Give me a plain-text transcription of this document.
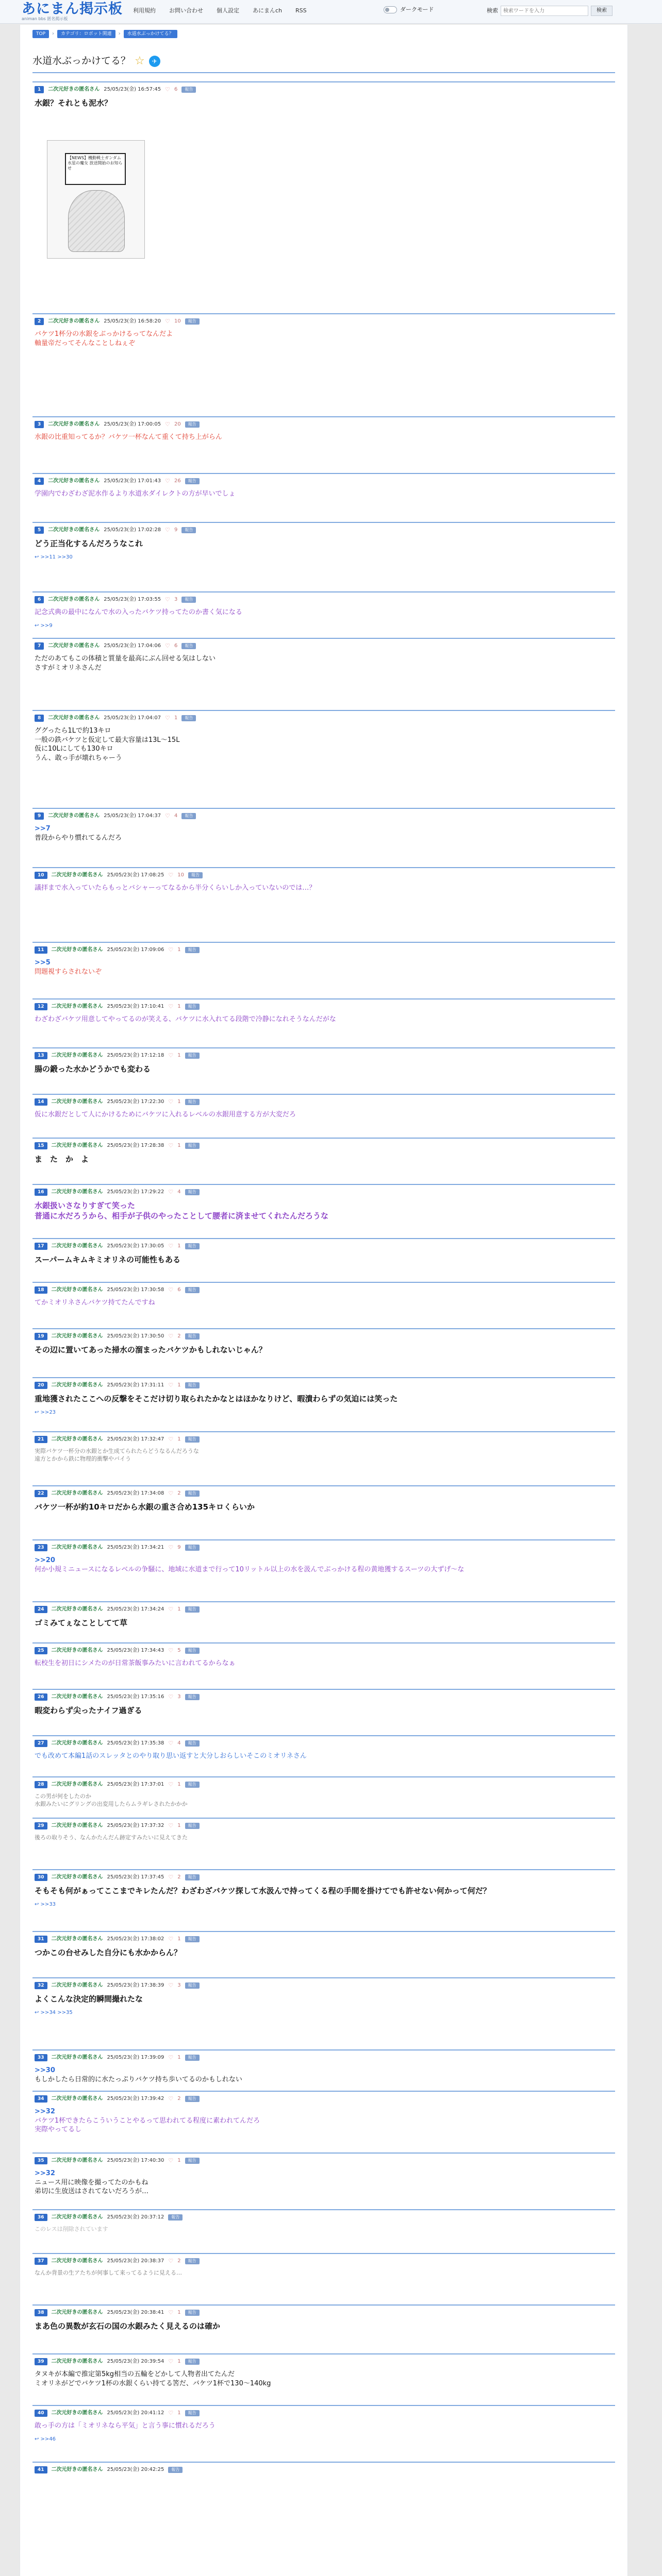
あにまん掲示板
animan bbs 匿名掲示板
利用規約 お問い合わせ 個人設定 あにまんch RSS	ダークモード	検索
検索ワードを入力	検索
TOP	›	カテゴリ：ロボット関連	›	水道水ぶっかけてる？
水道水ぶっかけてる？ ☆	✈
1	二次元好きの匿名さん 25/05/23(金) 16:57:45 ♡ 6	報告
水銀？それとも泥水？
【NEWS】機動戦士ガンダム水星の魔女 放送開始のお知らせ
2	二次元好きの匿名さん 25/05/23(金) 16:58:20 ♡ 10	報告
バケツ1杯分の水銀をぶっかけるってなんだよ
軸量帝だってそんなことしねぇぞ
3	二次元好きの匿名さん 25/05/23(金) 17:00:05 ♡ 20	報告
水銀の比重知ってるか？バケツ一杯なんて重くて持ち上がらん
4	二次元好きの匿名さん 25/05/23(金) 17:01:43 ♡ 26	報告
学園内でわざわざ泥水作るより水道水ダイレクトの方が早いでしょ
5	二次元好きの匿名さん 25/05/23(金) 17:02:28 ♡ 9	報告
どう正当化するんだろうなこれ
↩ >>11 >>30
6	二次元好きの匿名さん 25/05/23(金) 17:03:55 ♡ 3	報告
記念式典の最中になんで水の入ったバケツ持ってたのか書く気になる
↩ >>9
7	二次元好きの匿名さん 25/05/23(金) 17:04:06 ♡ 6	報告
ただのあてもこの体積と質量を最高にぶん回せる気はしない
さすがミオリネさんだ
8	二次元好きの匿名さん 25/05/23(金) 17:04:07 ♡ 1	報告
ググったら1Lで約13キロ
一般の鉄バケツと仮定して最大容量は13L～15L
仮に10Lにしても130キロ
うん、敢っ手が壊れちゃーう
9	二次元好きの匿名さん 25/05/23(金) 17:04:37 ♡ 4	報告
>>7
普段からやり慣れてるんだろ
10	二次元好きの匿名さん 25/05/23(金) 17:08:25 ♡ 10	報告
議拝まで水入っていたらもっとバシャーってなるから半分くらいしか入っていないのでは…？
11	二次元好きの匿名さん 25/05/23(金) 17:09:06 ♡ 1	報告
>>5
問題視すらされないぞ
12	二次元好きの匿名さん 25/05/23(金) 17:10:41 ♡ 1	報告
わざわざバケツ用意してやってるのが笑える、バケツに水入れてる段階で冷静になれそうなんだがな
13	二次元好きの匿名さん 25/05/23(金) 17:12:18 ♡ 1	報告
腸の鍛った水かどうかでも変わる
14	二次元好きの匿名さん 25/05/23(金) 17:22:30 ♡ 1	報告
仮に水銀だとして人にかけるためにバケツに入れるレベルの水銀用意する方が大変だろ
15	二次元好きの匿名さん 25/05/23(金) 17:28:38 ♡ 1	報告
ま　た　か　よ
16	二次元好きの匿名さん 25/05/23(金) 17:29:22 ♡ 4	報告
水銀扱いさなりすぎて笑った
普通に水だろうから、相手が子供のやったことして腰者に済ませてくれたんだろうな
17	二次元好きの匿名さん 25/05/23(金) 17:30:05 ♡ 1	報告
スーパームキムキミオリネの可能性もある
18	二次元好きの匿名さん 25/05/23(金) 17:30:58 ♡ 6	報告
てかミオリネさんバケツ持てたんですね
19	二次元好きの匿名さん 25/05/23(金) 17:30:50 ♡ 2	報告
その辺に置いてあった掃水の溜まったバケツかもしれないじゃん？
20	二次元好きの匿名さん 25/05/23(金) 17:31:11 ♡ 1	報告
重地獲されたここへの反撃をそこだけ切り取られたかなとはほかなりけど、暇潰わらずの気迫には笑った
↩ >>23
21	二次元好きの匿名さん 25/05/23(金) 17:32:47 ♡ 1	報告
実際バケツ一杯分の水銀とか生成てられたらどうなるんだろうな
遠方とかから鉄に物理的衝撃やバイう
22	二次元好きの匿名さん 25/05/23(金) 17:34:08 ♡ 2	報告
バケツ一杯が約10キロだから水銀の重さ合め135キロくらいか
23	二次元好きの匿名さん 25/05/23(金) 17:34:21 ♡ 9	報告
>>20
何か小規ミニュースになるレベルの争騒に、地域に水道まで行って10リットル以上の水を汲んでぶっかける程の黄地獲するスーツの大ずげ～な
24	二次元好きの匿名さん 25/05/23(金) 17:34:24 ♡ 1	報告
ゴミみてぇなことしてて草
25	二次元好きの匿名さん 25/05/23(金) 17:34:43 ♡ 5	報告
転校生を初日にシメたのが日常茶飯事みたいに言われてるからなぁ
26	二次元好きの匿名さん 25/05/23(金) 17:35:16 ♡ 3	報告
暇変わらず尖ったナイフ過ぎる
27	二次元好きの匿名さん 25/05/23(金) 17:35:38 ♡ 4	報告
でも改めて本編1話のスレッタとのやり取り思い返すと大分しおらしいそこのミオリネさん
28	二次元好きの匿名さん 25/05/23(金) 17:37:01 ♡ 1	報告
この男が何をしたのか
水銀みたいにグリングの出変用したらムラギレされたかかか
29	二次元好きの匿名さん 25/05/23(金) 17:37:32 ♡ 1	報告
後ろの取りそう、なんかたんだん跡定すみたいに見えてきた
30	二次元好きの匿名さん 25/05/23(金) 17:37:45 ♡ 2	報告
そもそも何がぁってここまでキレたんだ？わざわざバケツ探して水汲んで持ってくる程の手間を掛けてでも許せない何かって何だ？
↩ >>33
31	二次元好きの匿名さん 25/05/23(金) 17:38:02 ♡ 1	報告
つかこの台せみした自分にも水かからん？
32	二次元好きの匿名さん 25/05/23(金) 17:38:39 ♡ 3	報告
よくこんな決定的瞬間撮れたな
↩ >>34 >>35
33	二次元好きの匿名さん 25/05/23(金) 17:39:09 ♡ 1	報告
>>30
もしかしたら日常的に水たっぷりバケツ持ち歩いてるのかもしれない
34	二次元好きの匿名さん 25/05/23(金) 17:39:42 ♡ 2	報告
>>32
バケツ1杯できたらこういうことやるって思われてる程度に素われてんだろ
実際やってるし
35	二次元好きの匿名さん 25/05/23(金) 17:40:30 ♡ 1	報告
>>32
ニュース用に映像を撮ってたのかもね
弟切に生放送はされてないだろうが…
36	二次元好きの匿名さん 25/05/23(金) 20:37:12	報告
このレスは削除されています
37	二次元好きの匿名さん 25/05/23(金) 20:38:37 ♡ 2	報告
なんか背景の生アたちが何事して来ってるように見える…
38	二次元好きの匿名さん 25/05/23(金) 20:38:41 ♡ 1	報告
まあ色の異数が玄石の国の水銀みたく見えるのは確か
39	二次元好きの匿名さん 25/05/23(金) 20:39:54 ♡ 1	報告
タヌキが本編で推定第5kg相当の五輪をどかして人物者出てたんだ
ミオリネがどでバケツ1杯の水銀くらい持てる筈だ、バケツ1杯で130～140kg
40	二次元好きの匿名さん 25/05/23(金) 20:41:12 ♡ 1	報告
敢っ手の方は「ミオリネなら平気」と言う事に慣れるだろう
↩ >>46
41	二次元好きの匿名さん 25/05/23(金) 20:42:25	報告
